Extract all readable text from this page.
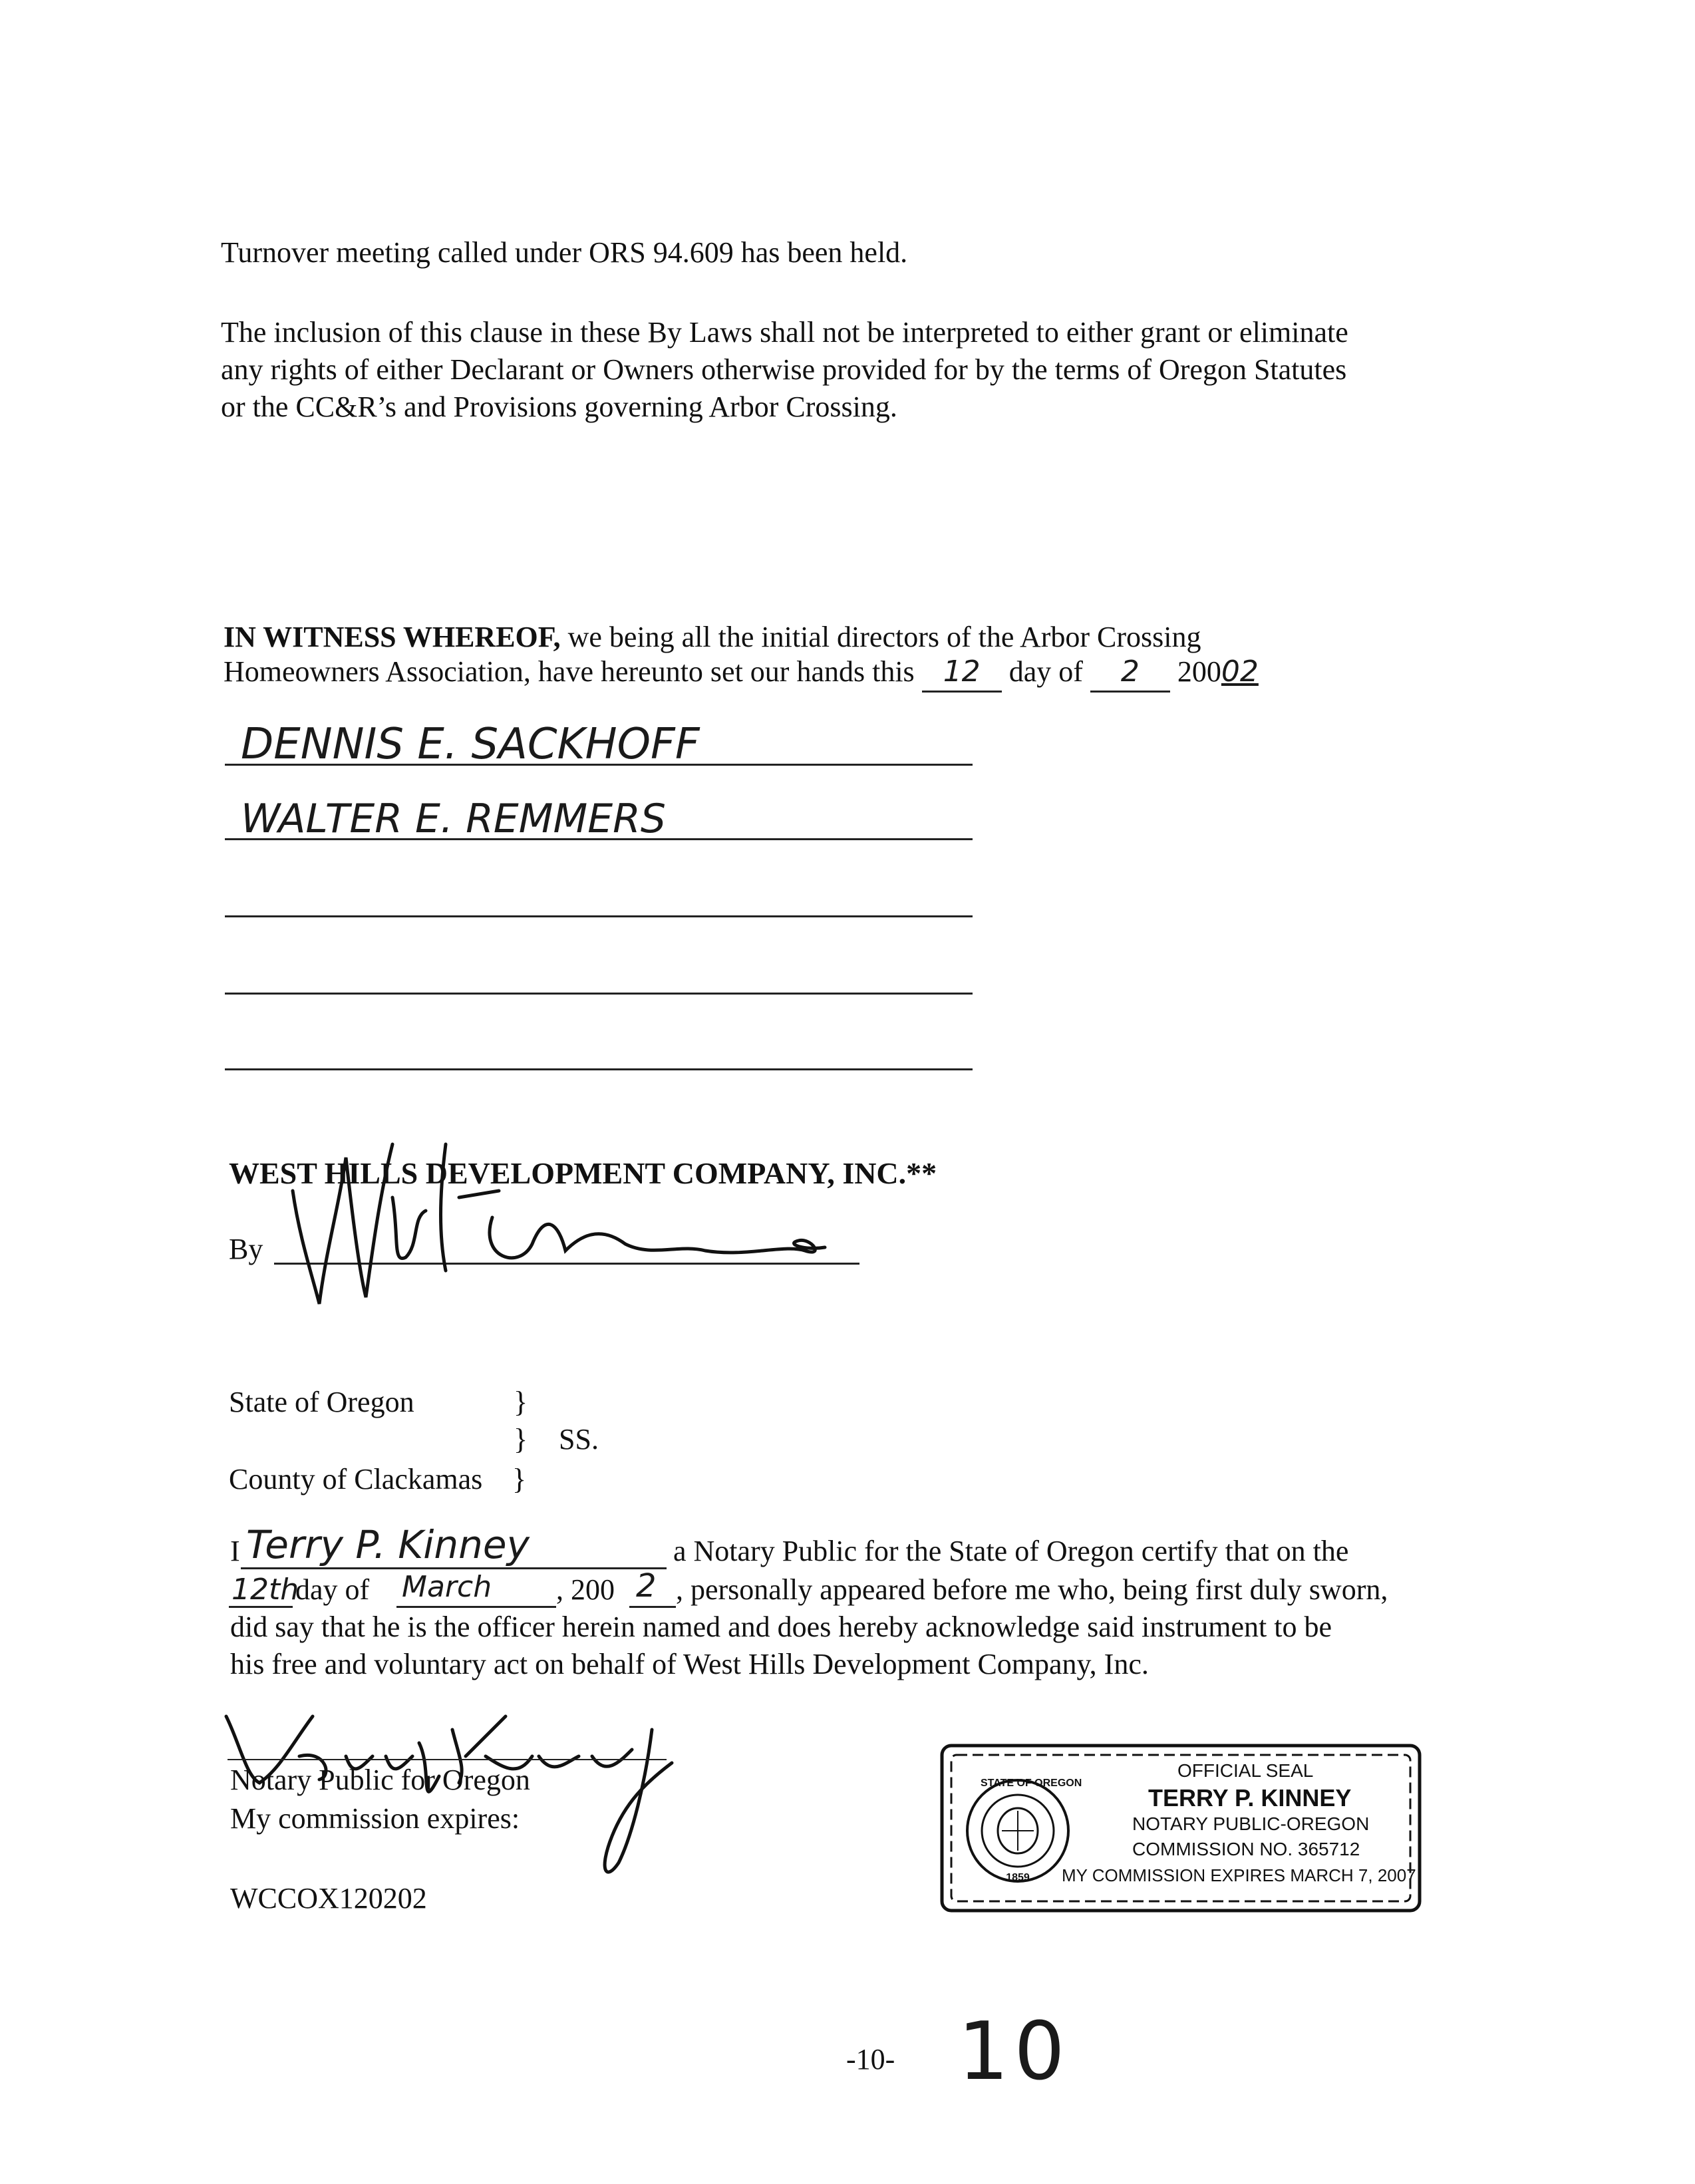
Turnover meeting called under ORS 94.609 has been held.
The inclusion of this clause in these By Laws shall not be interpreted to either grant or eliminate
any rights of either Declarant or Owners otherwise provided for by the terms of Oregon Statutes
or the CC&R’s and Provisions governing Arbor Crossing.
IN WITNESS WHEREOF, we being all the initial directors of the Arbor Crossing
Homeowners Association, have hereunto set our hands this 12 day of 2 20002
DENNIS E. SACKHOFF
WALTER E. REMMERS
WEST HILLS DEVELOPMENT COMPANY, INC.**
By
State of Oregon	}
} SS.
County of Clackamas }
I Terry P. Kinney	a Notary Public for the State of Oregon certify that on the
12th
day of March , 200 2 , personally appeared before me who, being first duly sworn,
did say that he is the officer herein named and does hereby acknowledge said instrument to be
his free and voluntary act on behalf of West Hills Development Company, Inc.
Notary Public for Oregon
My commission expires:
WCCOX120202
STATE OF OREGON
1859
OFFICIAL SEAL
TERRY P. KINNEY
NOTARY PUBLIC-OREGON
COMMISSION NO. 365712
MY COMMISSION EXPIRES MARCH 7, 2007
-10- 10
